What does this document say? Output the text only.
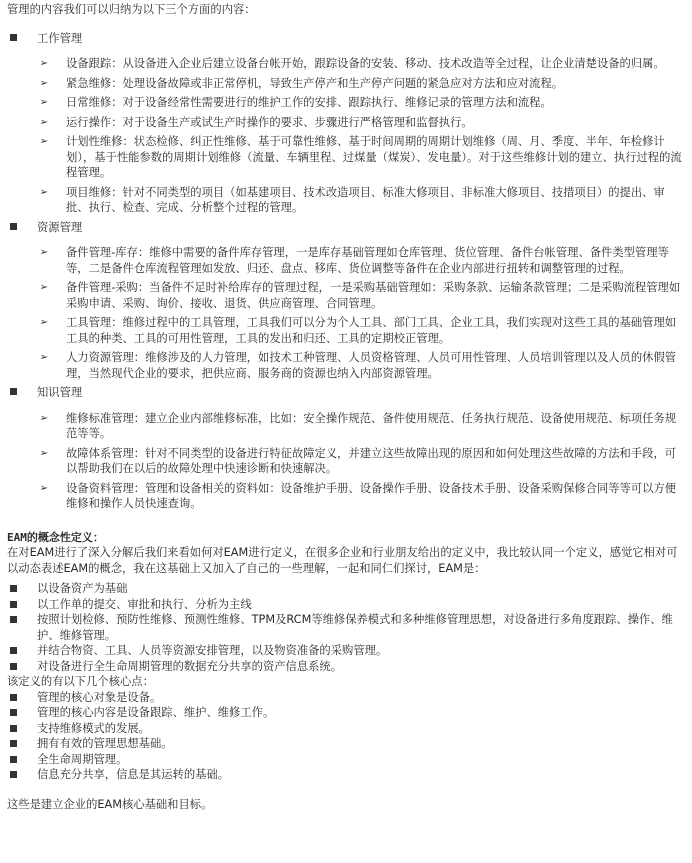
管理的内容我们可以归纳为以下三个方面的内容：

工作管理
➢ 设备跟踪：从设备进入企业后建立设备台帐开始，跟踪设备的安装、移动、技术改造等全过程，让企业清楚设备的归属。
➢ 紧急维修：处理设备故障或非正常停机，导致生产停产和生产停产问题的紧急应对方法和应对流程。
➢ 日常维修：对于设备经常性需要进行的维护工作的安排、跟踪执行、维修记录的管理方法和流程。
➢ 运行操作：对于设备生产或试生产时操作的要求、步骤进行严格管理和监督执行。
➢ 计划性维修：状态检修、纠正性维修、基于可靠性维修、基于时间周期的周期计划维修（周、月、季度、半年、年检修计划），基于性能参数的周期计划维修（流量、车辆里程、过煤量（煤炭）、发电量）。对于这些维修计划的建立、执行过程的流程管理。
➢ 项目维修：针对不同类型的项目（如基建项目、技术改造项目、标准大修项目、非标准大修项目、技措项目）的提出、审批、执行、检查、完成、分析整个过程的管理。
资源管理
➢ 备件管理-库存：维修中需要的备件库存管理，一是库存基础管理如仓库管理、货位管理、备件台帐管理、备件类型管理等等，二是备件仓库流程管理如发放、归还、盘点、移库、货位调整等备件在企业内部进行扭转和调整管理的过程。
➢ 备件管理-采购：当备件不足时补给库存的管理过程，一是采购基础管理如：采购条款、运输条款管理；二是采购流程管理如采购申请、采购、询价、接收、退货、供应商管理、合同管理。
➢ 工具管理：维修过程中的工具管理，工具我们可以分为个人工具、部门工具、企业工具，我们实现对这些工具的基础管理如工具的种类、工具的可用性管理，工具的发出和归还、工具的定期校正管理。
➢ 人力资源管理：维修涉及的人力管理，如技术工种管理、人员资格管理、人员可用性管理、人员培训管理以及人员的休假管理，当然现代企业的要求，把供应商、服务商的资源也纳入内部资源管理。
知识管理
➢ 维修标准管理：建立企业内部维修标准，比如：安全操作规范、备件使用规范、任务执行规范、设备使用规范、标项任务规范等等。
➢ 故障体系管理：针对不同类型的设备进行特征故障定义，并建立这些故障出现的原因和如何处理这些故障的方法和手段，可以帮助我们在以后的故障处理中快速诊断和快速解决。
➢ 设备资料管理：管理和设备相关的资料如：设备维护手册、设备操作手册、设备技术手册、设备采购保修合同等等可以方便维修和操作人员快速查询。
EAM的概念性定义：

在对EAM进行了深入分解后我们来看如何对EAM进行定义，在很多企业和行业朋友给出的定义中，我比较认同一个定义，感觉它相对可以动态表述EAM的概念，我在这基础上又加入了自己的一些理解，一起和同仁们探讨，EAM是：

以设备资产为基础
以工作单的提交、审批和执行、分析为主线
按照计划检修、预防性维修、预测性维修、TPM及RCM等维修保养模式和多种维修管理思想，对设备进行多角度跟踪、操作、维护、维修管理。
并结合物资、工具、人员等资源安排管理，以及物资准备的采购管理。
对设备进行全生命周期管理的数据充分共享的资产信息系统。

该定义的有以下几个核心点：

管理的核心对象是设备。
管理的核心内容是设备跟踪、维护、维修工作。
支持维修模式的发展。
拥有有效的管理思想基础。
全生命周期管理。
信息充分共享，信息是其运转的基础。

这些是建立企业的EAM核心基础和目标。
